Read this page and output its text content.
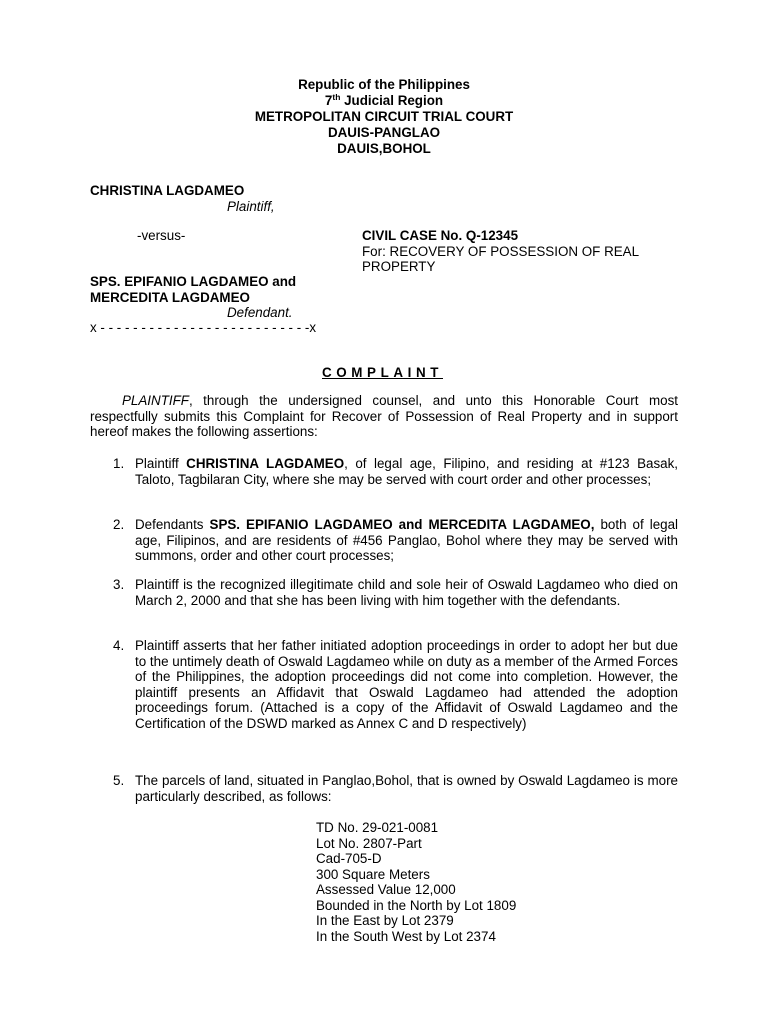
Republic of the Philippines
7th Judicial Region
METROPOLITAN CIRCUIT TRIAL COURT
DAUIS-PANGLAO
DAUIS,BOHOL
CHRISTINA LAGDAMEO
Plaintiff,
-versus-	CIVIL CASE No. Q-12345
For: RECOVERY OF POSSESSION OF REAL
PROPERTY
SPS. EPIFANIO LAGDAMEO and
MERCEDITA LAGDAMEO
Defendant.
x - - - - - - - - - - - - - - - - - - - - - - - - - -x
COMPLAINT
PLAINTIFF, through the undersigned counsel, and unto this Honorable Court most respectfully submits this Complaint for Recover of Possession of Real Property and in support hereof makes the following assertions:
1. Plaintiff CHRISTINA LAGDAMEO, of legal age, Filipino, and residing at #123 Basak, Taloto, Tagbilaran City, where she may be served with court order and other processes;
2. Defendants SPS. EPIFANIO LAGDAMEO and MERCEDITA LAGDAMEO, both of legal age, Filipinos, and are residents of #456 Panglao, Bohol where they may be served with summons, order and other court processes;
3. Plaintiff is the recognized illegitimate child and sole heir of Oswald Lagdameo who died on March 2, 2000 and that she has been living with him together with the defendants.
4. Plaintiff asserts that her father initiated adoption proceedings in order to adopt her but due to the untimely death of Oswald Lagdameo while on duty as a member of the Armed Forces of the Philippines, the adoption proceedings did not come into completion. However, the plaintiff presents an Affidavit that Oswald Lagdameo had attended the adoption proceedings forum. (Attached is a copy of the Affidavit of Oswald Lagdameo and the Certification of the DSWD marked as Annex C and D respectively)
5. The parcels of land, situated in Panglao,Bohol, that is owned by Oswald Lagdameo is more particularly described, as follows:
TD No. 29-021-0081
Lot No. 2807-Part
Cad-705-D
300 Square Meters
Assessed Value 12,000
Bounded in the North by Lot 1809
In the East by Lot 2379
In the South West by Lot 2374
